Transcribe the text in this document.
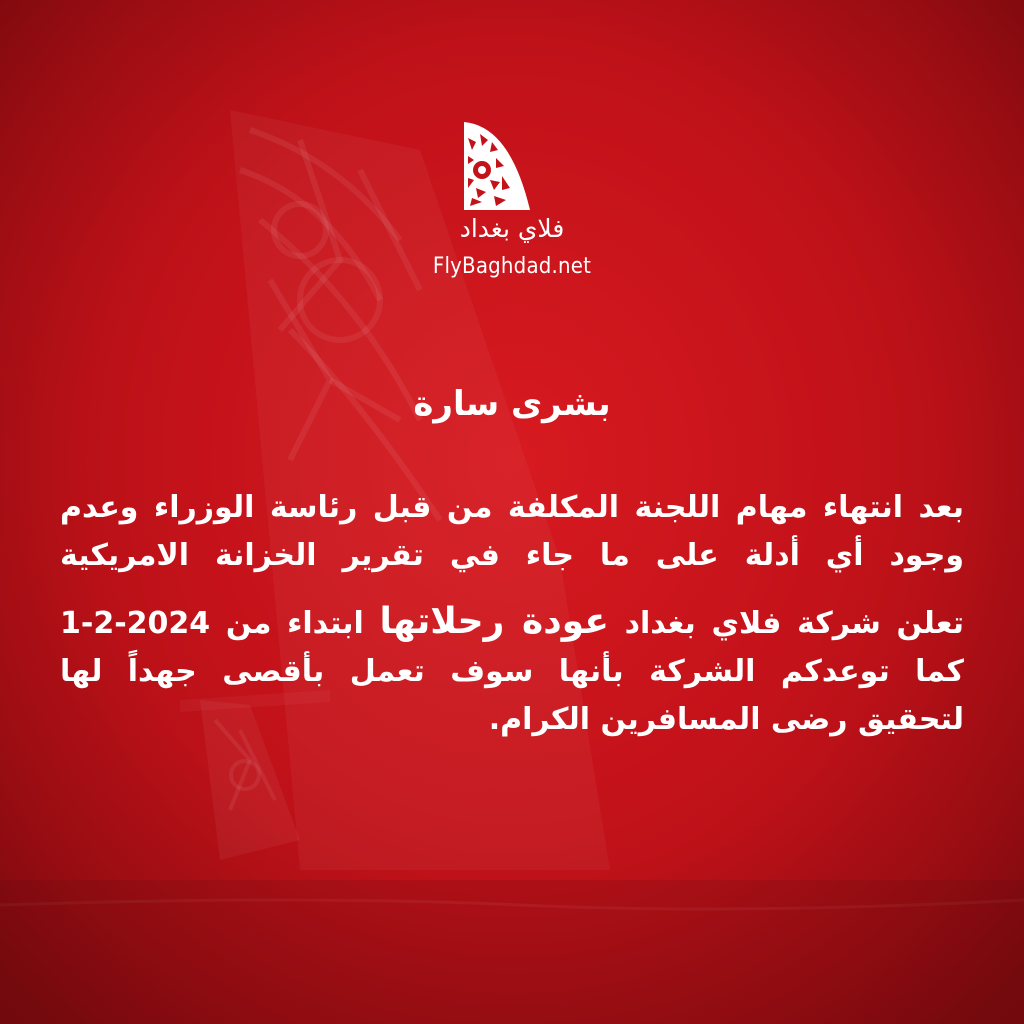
فلاي بغداد
FlyBaghdad.net
بشرى سارة
بعد انتهاء مهام اللجنة المكلفة من قبل رئاسة الوزراء وعدم
وجود أي أدلة على ما جاء في تقرير الخزانة الامريكية
تعلن شركة فلاي بغداد عودة رحلاتها ابتداء من 1-2-2024
كما توعدكم الشركة بأنها سوف تعمل بأقصى جهداً لها
لتحقيق رضى المسافرين الكرام.
